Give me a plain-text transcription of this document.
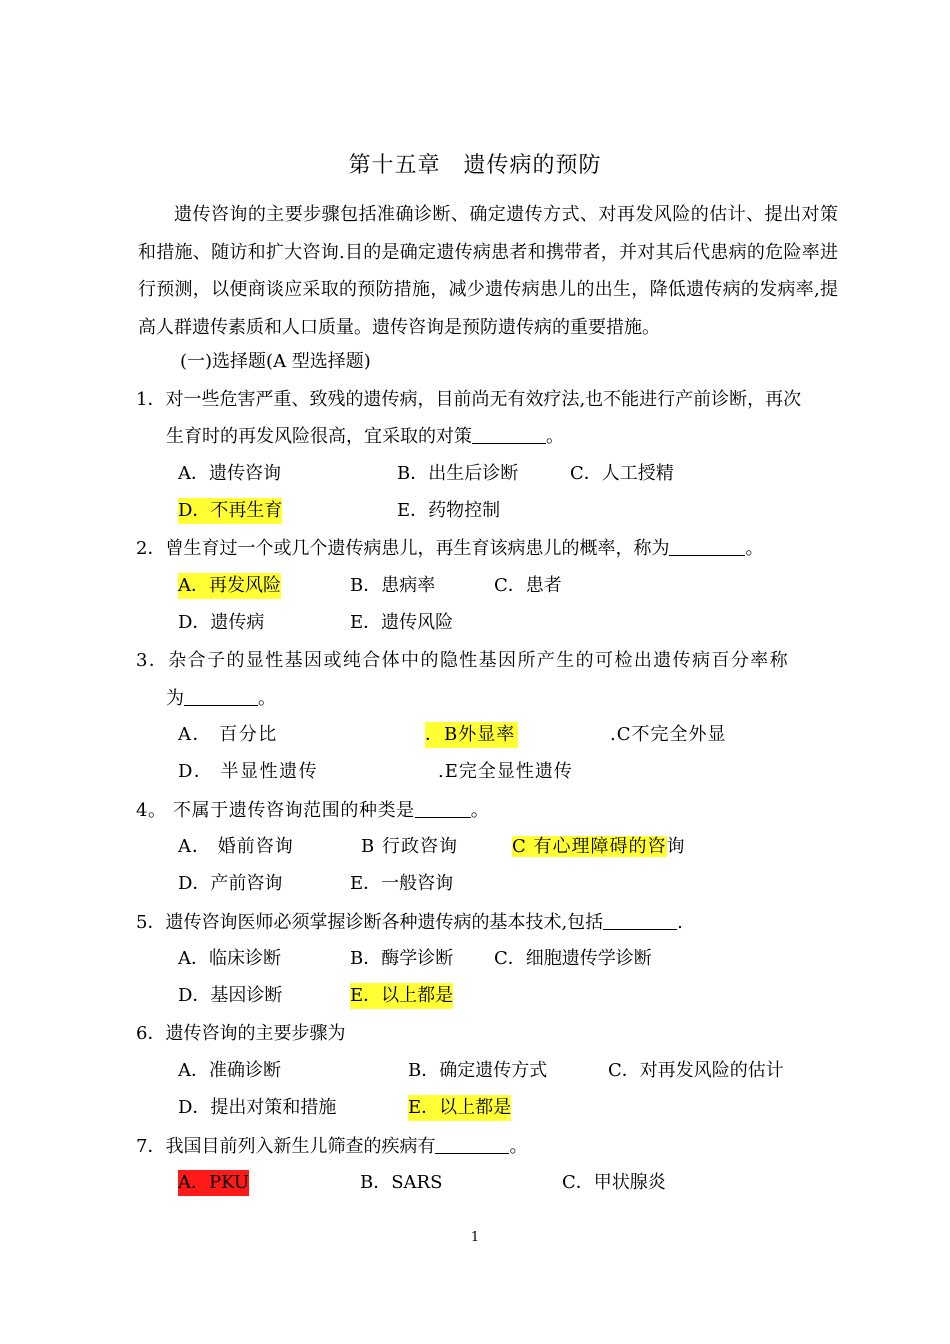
第十五章　遗传病的预防
遗传咨询的主要步骤包括准确诊断、确定遗传方式、对再发风险的估计、提出对策和措施、随访和扩大咨询.目的是确定遗传病患者和携带者，并对其后代患病的危险率进行预测，以便商谈应采取的预防措施，减少遗传病患儿的出生，降低遗传病的发病率,提高人群遗传素质和人口质量。遗传咨询是预防遗传病的重要措施。
(一)选择题(A 型选择题)
1．对一些危害严重、致残的遗传病，目前尚无有效疗法,也不能进行产前诊断，再次
生育时的再发风险很高，宜采取的对策	。
A．遗传咨询	B．出生后诊断	C．人工授精
D．不再生育	E．药物控制
2．曾生育过一个或几个遗传病患儿，再生育该病患儿的概率，称为	。
A．再发风险	B．患病率	C．患者
D．遗传病	E．遗传风险
3．杂合子的显性基因或纯合体中的隐性基因所产生的可检出遗传病百分率称
为	。
A． 百分比	．B外显率	.C不完全外显
D． 半显性遗传	.E完全显性遗传
4。 不属于遗传咨询范围的种类是	。
A． 婚前咨询	B 行政咨询	C 有心理障碍的咨询
D．产前咨询	E．一般咨询
5．遗传咨询医师必须掌握诊断各种遗传病的基本技术,包括	.
A．临床诊断	B．酶学诊断 C．细胞遗传学诊断
D．基因诊断	E．以上都是
6．遗传咨询的主要步骤为
A．准确诊断	B．确定遗传方式	C．对再发风险的估计
D．提出对策和措施	E．以上都是
7．我国目前列入新生儿筛查的疾病有	。
A．PKU	B．SARS	C．甲状腺炎
1
